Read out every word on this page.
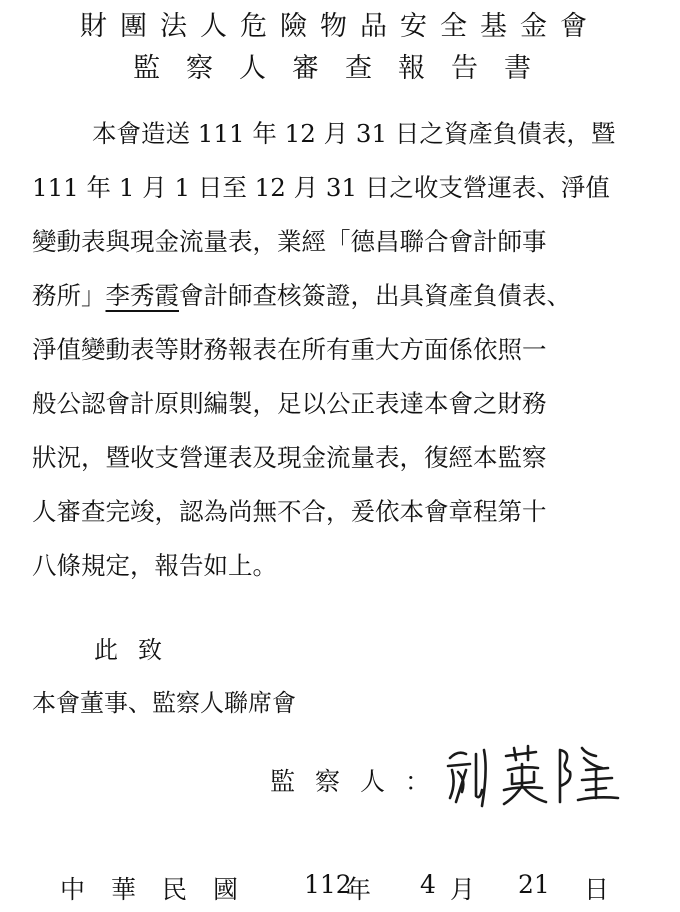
財團法人危險物品安全基金會
監察人審查報告書
本會造送 111 年 12 月 31 日之資產負債表，暨
111 年 1 月 1 日至 12 月 31 日之收支營運表、淨值
變動表與現金流量表，業經「德昌聯合會計師事
務所」李秀霞會計師查核簽證，出具資產負債表、
淨值變動表等財務報表在所有重大方面係依照一
般公認會計原則編製，足以公正表達本會之財務
狀況，暨收支營運表及現金流量表，復經本監察
人審查完竣，認為尚無不合，爰依本會章程第十
八條規定，報告如上。
此致
本會董事、監察人聯席會
監察人：
中華民國 112
年 4 月 21 日
